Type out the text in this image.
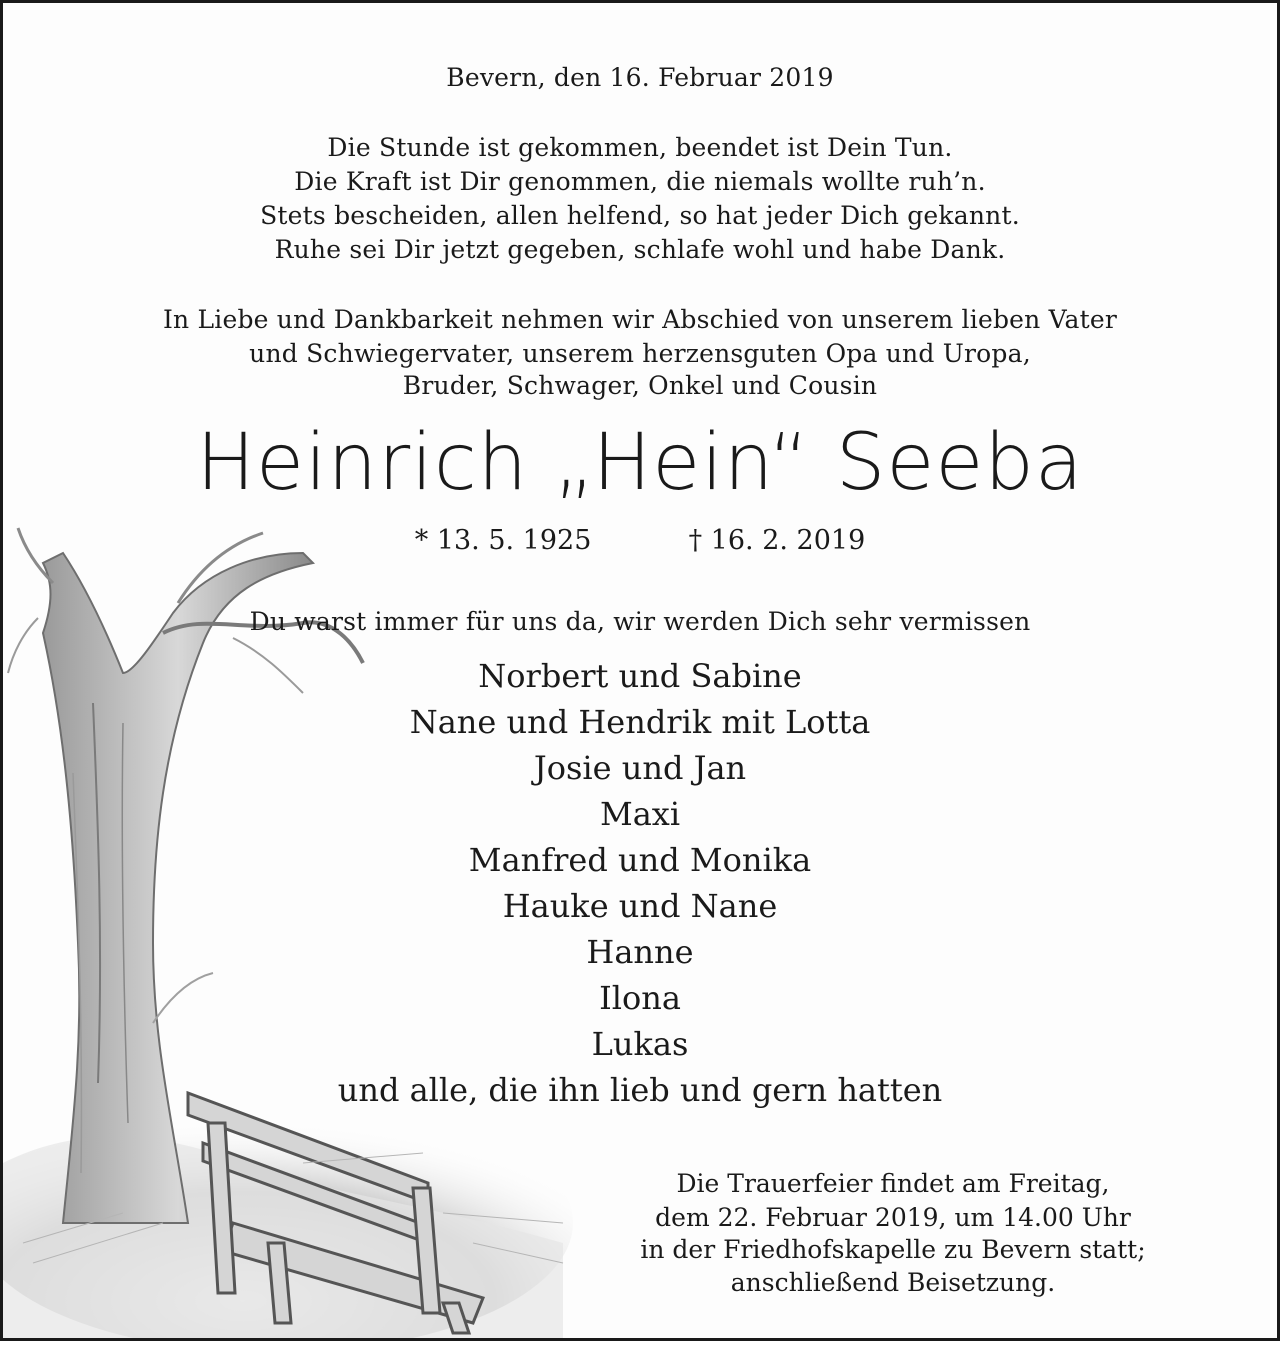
Bevern, den 16. Februar 2019
Die Stunde ist gekommen, beendet ist Dein Tun.
Die Kraft ist Dir genommen, die niemals wollte ruh’n.
Stets bescheiden, allen helfend, so hat jeder Dich gekannt.
Ruhe sei Dir jetzt gegeben, schlafe wohl und habe Dank.
In Liebe und Dankbarkeit nehmen wir Abschied von unserem lieben Vater
und Schwiegervater, unserem herzensguten Opa und Uropa,
Bruder, Schwager, Onkel und Cousin
Heinrich „Hein“ Seeba
* 13. 5. 1925	† 16. 2. 2019
Du warst immer für uns da, wir werden Dich sehr vermissen
Norbert und Sabine
Nane und Hendrik mit Lotta
Josie und Jan
Maxi
Manfred und Monika
Hauke und Nane
Hanne
Ilona
Lukas
und alle, die ihn lieb und gern hatten
Die Trauerfeier findet am Freitag,
dem 22. Februar 2019, um 14.00 Uhr
in der Friedhofskapelle zu Bevern statt;
anschließend Beisetzung.
